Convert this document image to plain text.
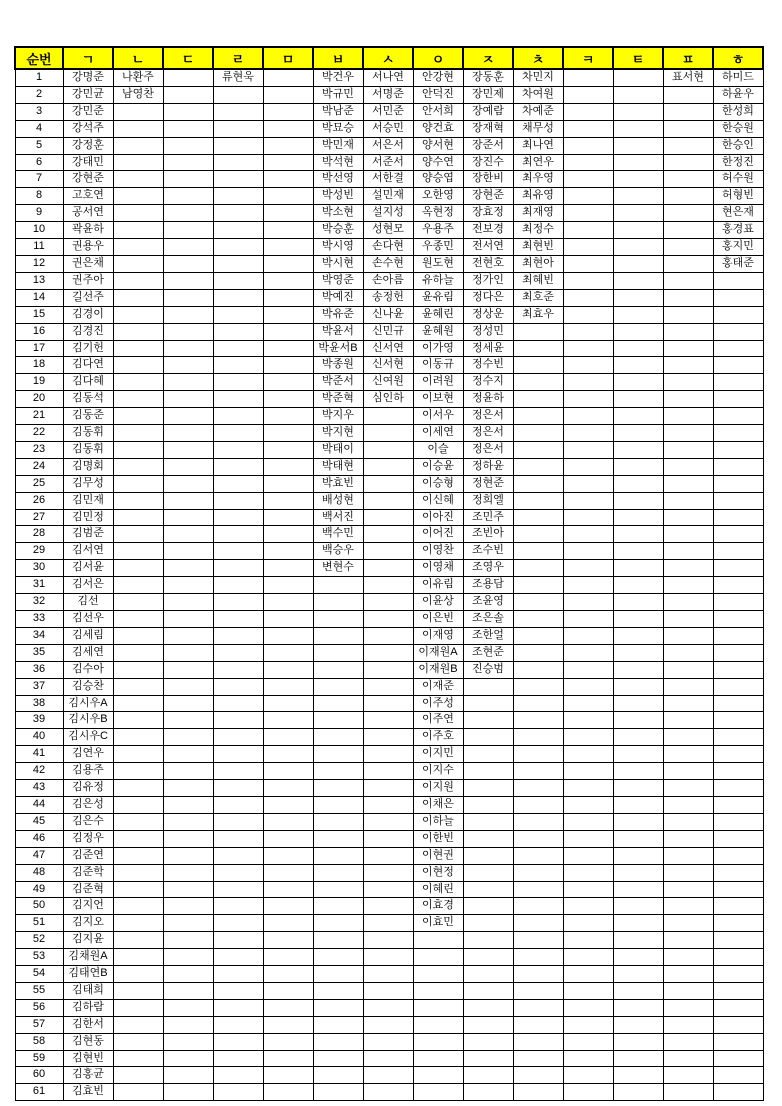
순번	ㄱ	ㄴ	ㄷ	ㄹ	ㅁ	ㅂ	ㅅ	ㅇ	ㅈ	ㅊ	ㅋ	ㅌ	ㅍ	ㅎ
1	강명준	나환주		류현욱		박건우	서나연	안강현	장동훈	차민지			표서현	하미드
2	강민균	남영찬				박규민	서명준	안덕진	장민제	차여원				하윤우
3	강민준					박남준	서민준	안서희	장예람	차예준				한성희
4	강석주					박묘승	서승민	양건효	장재혁	채무성				한승원
5	강정훈					박민재	서은서	양서현	장준서	최나연				한승인
6	강태민					박석현	서준서	양수연	장진수	최연우				한정진
7	강현준					박선영	서한결	양승엽	장한비	최우영				허수원
8	고호연					박성빈	설민재	오한영	장현준	최유영				허형빈
9	공서연					박소현	설지성	옥현정	장효정	최재영				현은재
10	곽윤하					박승훈	성현모	우용주	전보경	최정수				홍경표
11	권용우					박시영	손다현	우종민	전서연	최현빈				홍지민
12	권은채					박시현	손수현	원도현	전현호	최현아				홍태준
13	권주아					박영준	손아름	유하늘	정가인	최혜빈				
14	길선주					박예진	송정헌	윤유림	정다은	최호준				
15	김경이					박유준	신나윤	윤혜린	정상운	최효우				
16	김경진					박윤서	신민규	윤혜원	정성민					
17	김기헌					박윤서B	신서연	이가영	정세윤					
18	김다연					박종원	신서현	이동규	정수빈					
19	김다혜					박준서	신여원	이려원	정수지					
20	김동석					박준혁	심인하	이보현	정윤하					
21	김동준					박지우		이서우	정은서					
22	김동휘					박지현		이세연	정은서					
23	김동휘					박태이		이슬	정은서					
24	김명회					박태현		이승윤	정하윤					
25	김무성					박효빈		이승형	정현준					
26	김민재					배성현		이신혜	정희엘					
27	김민정					백서진		이아진	조민주					
28	김범준					백수민		이어진	조빈아					
29	김서연					백승우		이영찬	조수빈					
30	김서윤					변현수		이영채	조영우					
31	김서은							이유림	조용담					
32	김선							이윤상	조윤영					
33	김선우							이은빈	조은솔					
34	김세림							이재영	조한얼					
35	김세연							이재원A	조현준					
36	김수아							이재원B	진승범					
37	김승찬							이재준						
38	김시우A							이주성						
39	김시우B							이주연						
40	김시우C							이주호						
41	김연우							이지민						
42	김용주							이지수						
43	김유정							이지원						
44	김은성							이채은						
45	김은수							이하늘						
46	김정우							이한빈						
47	김준연							이현권						
48	김준학							이현정						
49	김준혁							이혜린						
50	김지언							이효경						
51	김지오							이효민						
52	김지윤													
53	김채원A													
54	김태연B													
55	김태희													
56	김하람													
57	김한서													
58	김현동													
59	김현빈													
60	김홍균													
61	김효빈													
